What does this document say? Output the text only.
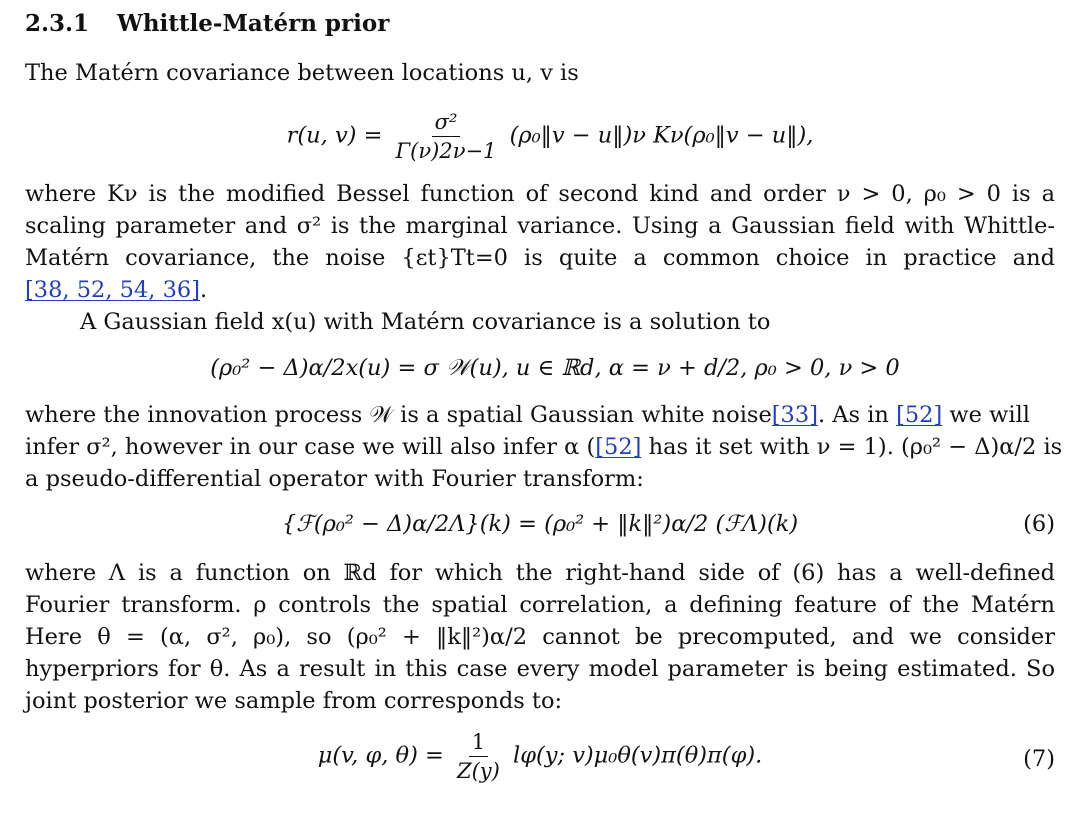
2.3.1 Whittle-Matérn prior
The Matérn covariance between locations u, v is
r(u, $v) = \frac{\text{σ²}}{\Gamma(\nu)2\nu-1}$ (ρ₀‖v − u‖)ν Kν(ρ₀‖v − u‖),
where Kν is the modified Bessel function of second kind and order ν > 0, ρ₀ > 0 is a
scaling parameter and σ² is the marginal variance. Using a Gaussian field with Whittle-
Matérn covariance, the noise {εt}Tt=0 is quite a common choice in practice and
[38, 52, 54, 36].
A Gaussian field x(u) with Matérn covariance is a solution to
(ρ₀² − Δ)α/2x(u) = σ 𝒲(u), u ∈ ℝd, α = ν + d/2, ρ₀ > 0, ν > 0
where the innovation process 𝒲 is a spatial Gaussian white noise[33]. As in [52] we will
infer σ², however in our case we will also infer α ([52] has it set with ν = 1). (ρ₀² − Δ)α/2 is
a pseudo-differential operator with Fourier transform:
{ℱ(ρ₀² − Δ)α/2Λ}(k) = (ρ₀² + ‖k‖²)α/2 (ℱΛ)(k)	(6)
where Λ is a function on ℝd for which the right-hand side of (6) has a well-defined
Fourier transform. ρ controls the spatial correlation, a defining feature of the Matérn
Here θ = (α, σ², ρ₀), so (ρ₀² + ‖k‖²)α/2 cannot be precomputed, and we consider
hyperpriors for θ. As a result in this case every model parameter is being estimated. So
joint posterior we sample from corresponds to:
μ(v, φ, $\theta) = \frac{1}{Z(y)} l\varphi(y$; v)μ₀θ(v)π(θ)π(φ).	(7)
